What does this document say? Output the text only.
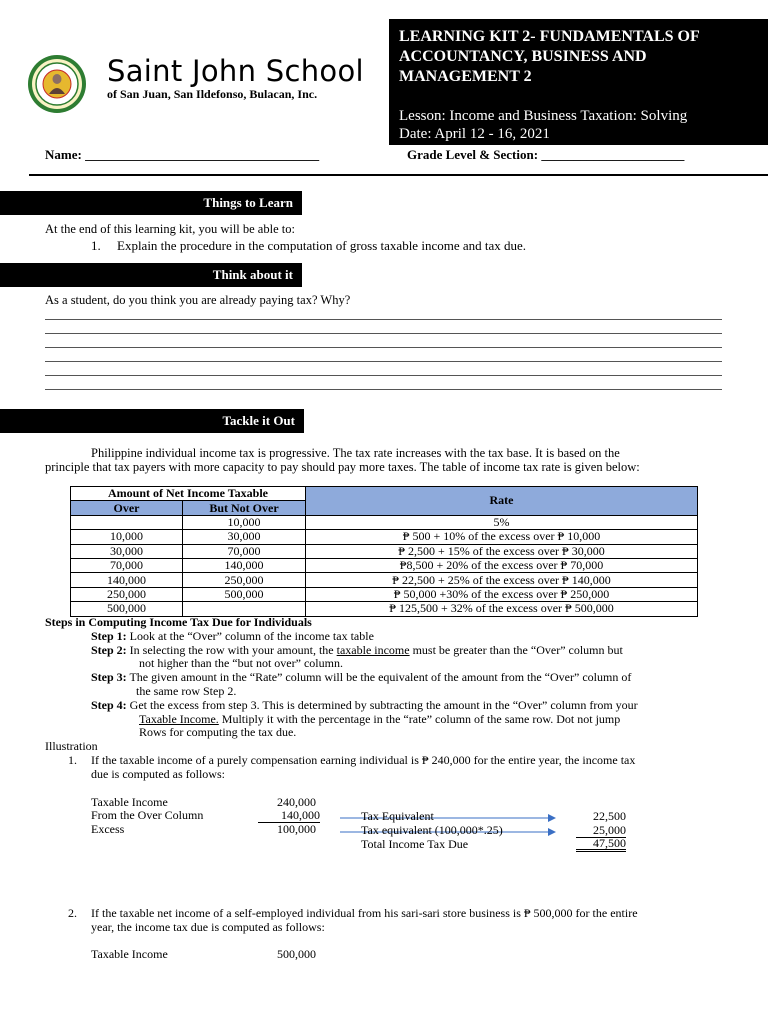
Saint John School
of San Juan, San Ildefonso, Bulacan, Inc.
LEARNING KIT 2- FUNDAMENTALS OF ACCOUNTANCY, BUSINESS AND MANAGEMENT 2
Lesson: Income and Business Taxation: Solving
Date: April 12 - 16, 2021
Name: ____________________________________	Grade Level & Section: ______________________
Things to Learn
At the end of this learning kit, you will be able to:
1. Explain the procedure in the computation of gross taxable income and tax due.
Think about it
As a student, do you think you are already paying tax? Why?
Tackle it Out
Philippine individual income tax is progressive. The tax rate increases with the tax base. It is based on the
principle that tax payers with more capacity to pay should pay more taxes. The table of income tax rate is given below:
Amount of Net Income Taxable		Rate
Over	But Not Over	
	10,000	5%
10,000	30,000	₱ 500 + 10% of the excess over ₱ 10,000
30,000	70,000	₱ 2,500 + 15% of the excess over ₱ 30,000
70,000	140,000	₱8,500 + 20% of the excess over ₱ 70,000
140,000	250,000	₱ 22,500 + 25% of the excess over ₱ 140,000
250,000	500,000	₱ 50,000 +30% of the excess over ₱ 250,000
500,000		₱ 125,500 + 32% of the excess over ₱ 500,000
Steps in Computing Income Tax Due for Individuals
Step 1: Look at the “Over” column of the income tax table
Step 2: In selecting the row with your amount, the taxable income must be greater than the “Over” column but
not higher than the “but not over” column.
Step 3: The given amount in the “Rate” column will be the equivalent of the amount from the “Over” column of
the same row Step 2.
Step 4: Get the excess from step 3. This is determined by subtracting the amount in the “Over” column from your
Taxable Income. Multiply it with the percentage in the “rate” column of the same row. Dot not jump
Rows for computing the tax due.
Illustration
1. If the taxable income of a purely compensation earning individual is ₱ 240,000 for the entire year, the income tax
due is computed as follows:
Taxable Income	240,000
From the Over Column	140,000
Excess	100,000
Tax Equivalent	22,500
Tax equivalent (100,000*.25)	25,000
Total Income Tax Due	47,500
2. If the taxable net income of a self-employed individual from his sari-sari store business is ₱ 500,000 for the entire
year, the income tax due is computed as follows:
Taxable Income	500,000
